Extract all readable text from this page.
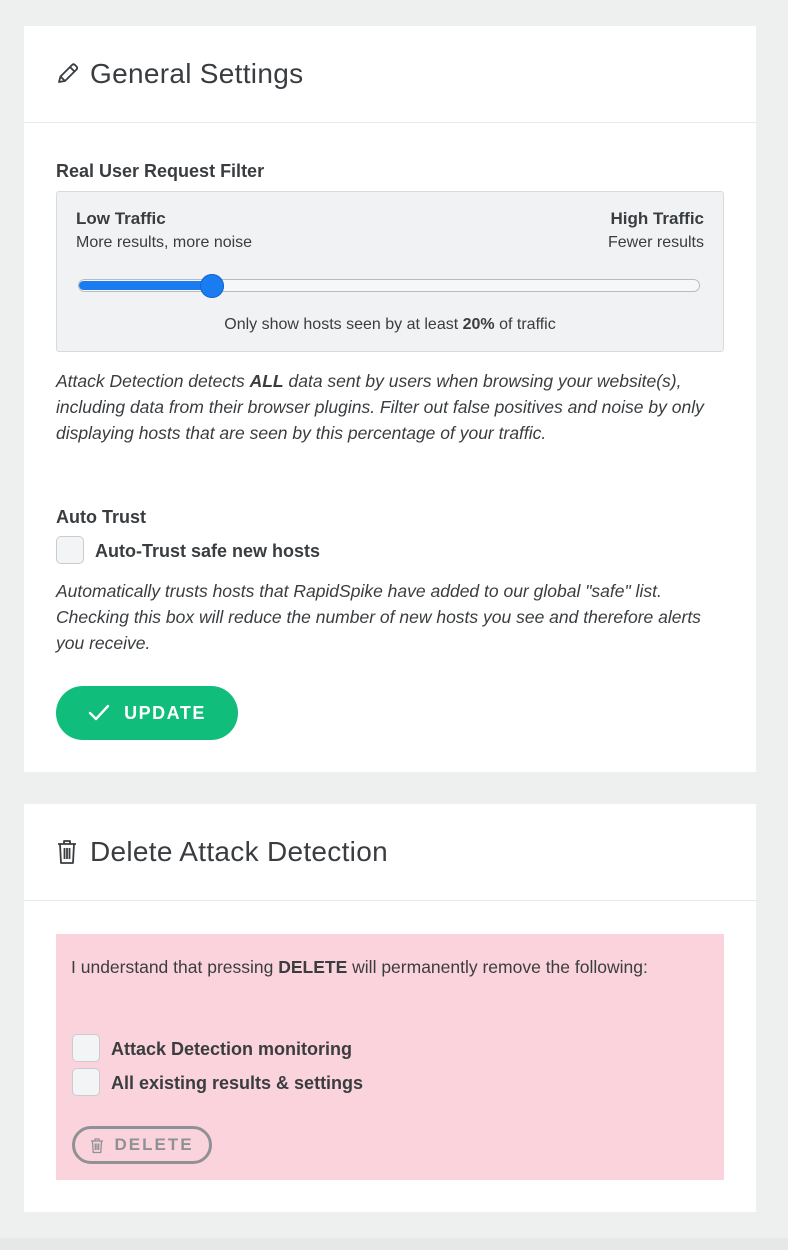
General Settings
Real User Request Filter
Low Traffic
More results, more noise
High Traffic
Fewer results
Only show hosts seen by at least 20% of traffic

Attack Detection detects ALL data sent by users when browsing your website(s), including data from their browser plugins. Filter out false positives and noise by only displaying hosts that are seen by this percentage of your traffic.

Auto Trust
Auto-Trust safe new hosts

Automatically trusts hosts that RapidSpike have added to our global "safe" list. Checking this box will reduce the number of new hosts you see and therefore alerts you receive.

UPDATE
Delete Attack Detection

I understand that pressing DELETE will permanently remove the following:

Attack Detection monitoring
All existing results & settings
DELETE
